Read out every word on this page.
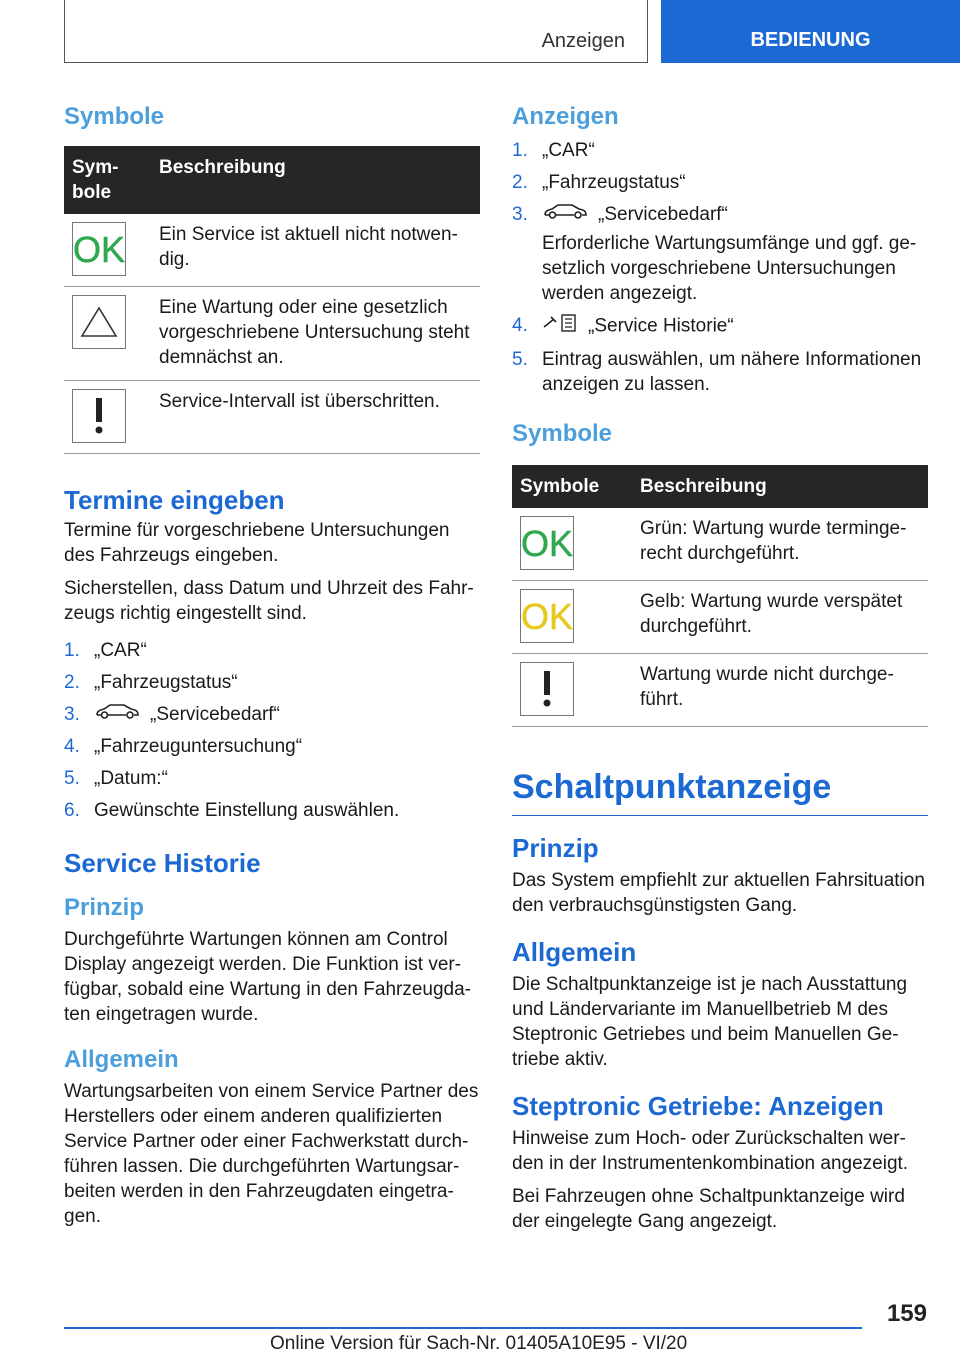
Anzeigen	BEDIENUNG
Symbole
Sym-
bole	Beschreibung

OK	Ein Service ist aktuell nicht notwen-dig.

	Eine Wartung oder eine gesetzlich vorgeschriebene Untersuchung steht demnächst an.

	Service-Intervall ist überschritten.
Termine eingeben

Termine für vorgeschriebene Untersuchungen des Fahrzeugs eingeben.

Sicherstellen, dass Datum und Uhrzeit des Fahr-zeugs richtig eingestellt sind.

1. „CAR“
2. „Fahrzeugstatus“
3.	„Servicebedarf“
4. „Fahrzeuguntersuchung“
5. „Datum:“
6. Gewünschte Einstellung auswählen.
Service Historie
Prinzip

Durchgeführte Wartungen können am Control Display angezeigt werden. Die Funktion ist ver-fügbar, sobald eine Wartung in den Fahrzeugda-ten eingetragen wurde.

Allgemein

Wartungsarbeiten von einem Service Partner des Herstellers oder einem anderen qualifizierten Service Partner oder einer Fachwerkstatt durch-führen lassen. Die durchgeführten Wartungsar-beiten werden in den Fahrzeugdaten eingetra-gen.

Anzeigen
1. „CAR“
2. „Fahrzeugstatus“
3.	„Servicebedarf“
Erforderliche Wartungsumfänge und ggf. ge-setzlich vorgeschriebene Untersuchungen werden angezeigt.
4.	„Service Historie“
5. Eintrag auswählen, um nähere Informationen anzeigen zu lassen.
Symbole
Symbole	Beschreibung

OK	Grün: Wartung wurde terminge-recht durchgeführt.

OK	Gelb: Wartung wurde verspätet durchgeführt.

	Wartung wurde nicht durchge-führt.
Schaltpunktanzeige
Prinzip

Das System empfiehlt zur aktuellen Fahrsituation den verbrauchsgünstigsten Gang.

Allgemein

Die Schaltpunktanzeige ist je nach Ausstattung und Ländervariante im Manuellbetrieb M des Steptronic Getriebes und beim Manuellen Ge-triebe aktiv.

Steptronic Getriebe: Anzeigen

Hinweise zum Hoch- oder Zurückschalten wer-den in der Instrumentenkombination angezeigt.

Bei Fahrzeugen ohne Schaltpunktanzeige wird der eingelegte Gang angezeigt.

159
Online Version für Sach-Nr. 01405A10E95 - VI/20
